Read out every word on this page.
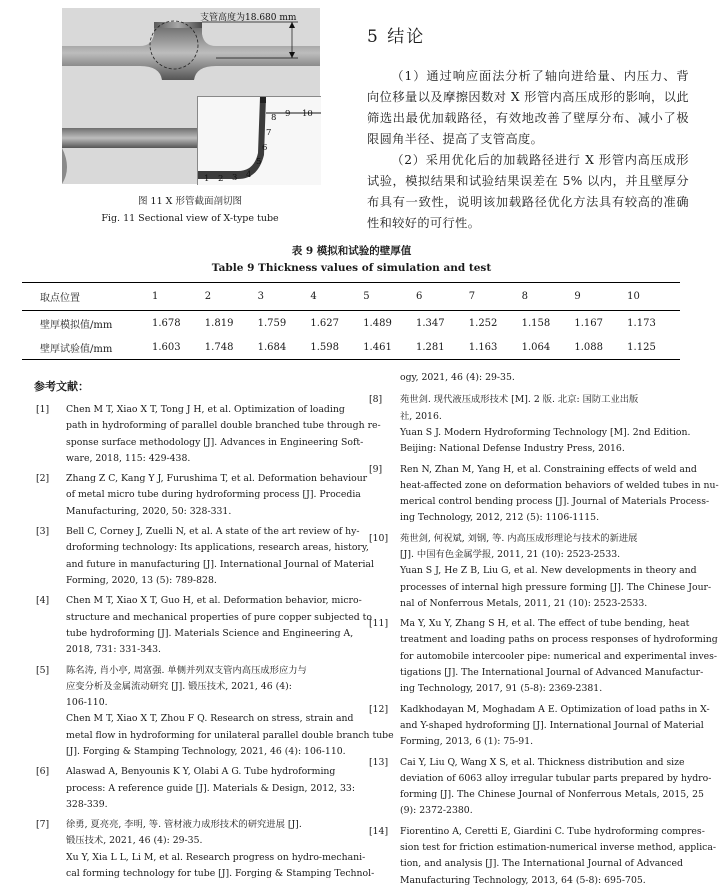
支管高度为18.680 mm
1 2 3 4
5
6
7
8 9 10
图 11 X 形管截面剖切图
Fig. 11 Sectional view of X-type tube
5 结论
（1）通过响应面法分析了轴向进给量、内压力、背向位移量以及摩擦因数对 X 形管内高压成形的影响，以此筛选出最优加载路径，有效地改善了壁厚分布、减小了极限圆角半径、提高了支管高度。
（2）采用优化后的加载路径进行 X 形管内高压成形试验，模拟结果和试验结果误差在 5% 以内，并且壁厚分布具有一致性，说明该加载路径优化方法具有较高的准确性和较好的可行性。
表 9 模拟和试验的壁厚值
Table 9 Thickness values of simulation and test
取点位置	1	2	3	4	5	6	7	8	9	10
壁厚模拟值/mm	1.678	1.819	1.759	1.627	1.489	1.347	1.252	1.158	1.167	1.173
壁厚试验值/mm	1.603	1.748	1.684	1.598	1.461	1.281	1.163	1.064	1.088	1.125
参考文献：
[1] Chen M T, Xiao X T, Tong J H, et al. Optimization of loading
path in hydroforming of parallel double branched tube through re-
sponse surface methodology [J]. Advances in Engineering Soft-
ware, 2018, 115: 429-438.
[2] Zhang Z C, Kang Y J, Furushima T, et al. Deformation behaviour
of metal micro tube during hydroforming process [J]. Procedia
Manufacturing, 2020, 50: 328-331.
[3] Bell C, Corney J, Zuelli N, et al. A state of the art review of hy-
droforming technology: Its applications, research areas, history,
and future in manufacturing [J]. International Journal of Material
Forming, 2020, 13 (5): 789-828.
[4] Chen M T, Xiao X T, Guo H, et al. Deformation behavior, micro-
structure and mechanical properties of pure copper subjected to
tube hydroforming [J]. Materials Science and Engineering A,
2018, 731: 331-343.
[5] 陈名涛, 肖小亭, 周富强. 单侧并列双支管内高压成形应力与
应变分析及金属流动研究 [J]. 锻压技术, 2021, 46 (4):
106-110.
Chen M T, Xiao X T, Zhou F Q. Research on stress, strain and
metal flow in hydroforming for unilateral parallel double branch tube
[J]. Forging & Stamping Technology, 2021, 46 (4): 106-110.
[6] Alaswad A, Benyounis K Y, Olabi A G. Tube hydroforming
process: A reference guide [J]. Materials & Design, 2012, 33:
328-339.
[7] 徐勇, 夏亮亮, 李明, 等. 管材液力成形技术的研究进展 [J].
锻压技术, 2021, 46 (4): 29-35.
Xu Y, Xia L L, Li M, et al. Research progress on hydro-mechani-
cal forming technology for tube [J]. Forging & Stamping Technol-
ogy, 2021, 46 (4): 29-35.
[8] 苑世剑. 现代液压成形技术 [M]. 2 版. 北京: 国防工业出版
社, 2016.
Yuan S J. Modern Hydroforming Technology [M]. 2nd Edition.
Beijing: National Defense Industry Press, 2016.
[9] Ren N, Zhan M, Yang H, et al. Constraining effects of weld and
heat-affected zone on deformation behaviors of welded tubes in nu-
merical control bending process [J]. Journal of Materials Process-
ing Technology, 2012, 212 (5): 1106-1115.
[10] 苑世剑, 何祝斌, 刘钢, 等. 内高压成形理论与技术的新进展
[J]. 中国有色金属学报, 2011, 21 (10): 2523-2533.
Yuan S J, He Z B, Liu G, et al. New developments in theory and
processes of internal high pressure forming [J]. The Chinese Jour-
nal of Nonferrous Metals, 2011, 21 (10): 2523-2533.
[11] Ma Y, Xu Y, Zhang S H, et al. The effect of tube bending, heat
treatment and loading paths on process responses of hydroforming
for automobile intercooler pipe: numerical and experimental inves-
tigations [J]. The International Journal of Advanced Manufactur-
ing Technology, 2017, 91 (5-8): 2369-2381.
[12] Kadkhodayan M, Moghadam A E. Optimization of load paths in X-
and Y-shaped hydroforming [J]. International Journal of Material
Forming, 2013, 6 (1): 75-91.
[13] Cai Y, Liu Q, Wang X S, et al. Thickness distribution and size
deviation of 6063 alloy irregular tubular parts prepared by hydro-
forming [J]. The Chinese Journal of Nonferrous Metals, 2015, 25
(9): 2372-2380.
[14] Fiorentino A, Ceretti E, Giardini C. Tube hydroforming compres-
sion test for friction estimation-numerical inverse method, applica-
tion, and analysis [J]. The International Journal of Advanced
Manufacturing Technology, 2013, 64 (5-8): 695-705.
